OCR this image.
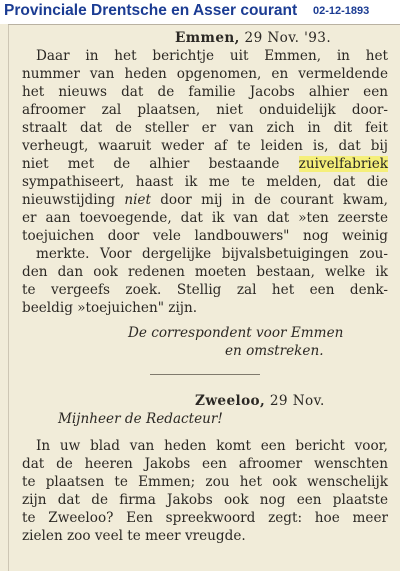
Provinciale Drentsche en Asser courant 02-12-1893
Emmen, 29 Nov. '93.
Daar in het berichtje uit Emmen, in het
nummer van heden opgenomen, en vermeldende
het nieuws dat de familie Jacobs alhier een
afroomer zal plaatsen, niet onduidelijk door-
straalt dat de steller er van zich in dit feit
verheugt, waaruit weder af te leiden is, dat bij
niet met de alhier bestaande zuivelfabriek
sympathiseert, haast ik me te melden, dat die
nieuwstijding niet door mij in de courant kwam,
er aan toevoegende, dat ik van dat »ten zeerste
toejuichen door vele landbouwers" nog weinig
merkte. Voor dergelijke bijvalsbetuigingen zou-
den dan ook redenen moeten bestaan, welke ik
te vergeefs zoek. Stellig zal het een denk-
beeldig »toejuichen" zijn.
De correspondent voor Emmen
en omstreken.
Zweeloo, 29 Nov.
Mijnheer de Redacteur!
In uw blad van heden komt een bericht voor,
dat de heeren Jakobs een afroomer wenschten
te plaatsen te Emmen; zou het ook wenschelijk
zijn dat de firma Jakobs ook nog een plaatste
te Zweeloo? Een spreekwoord zegt: hoe meer
zielen zoo veel te meer vreugde.
